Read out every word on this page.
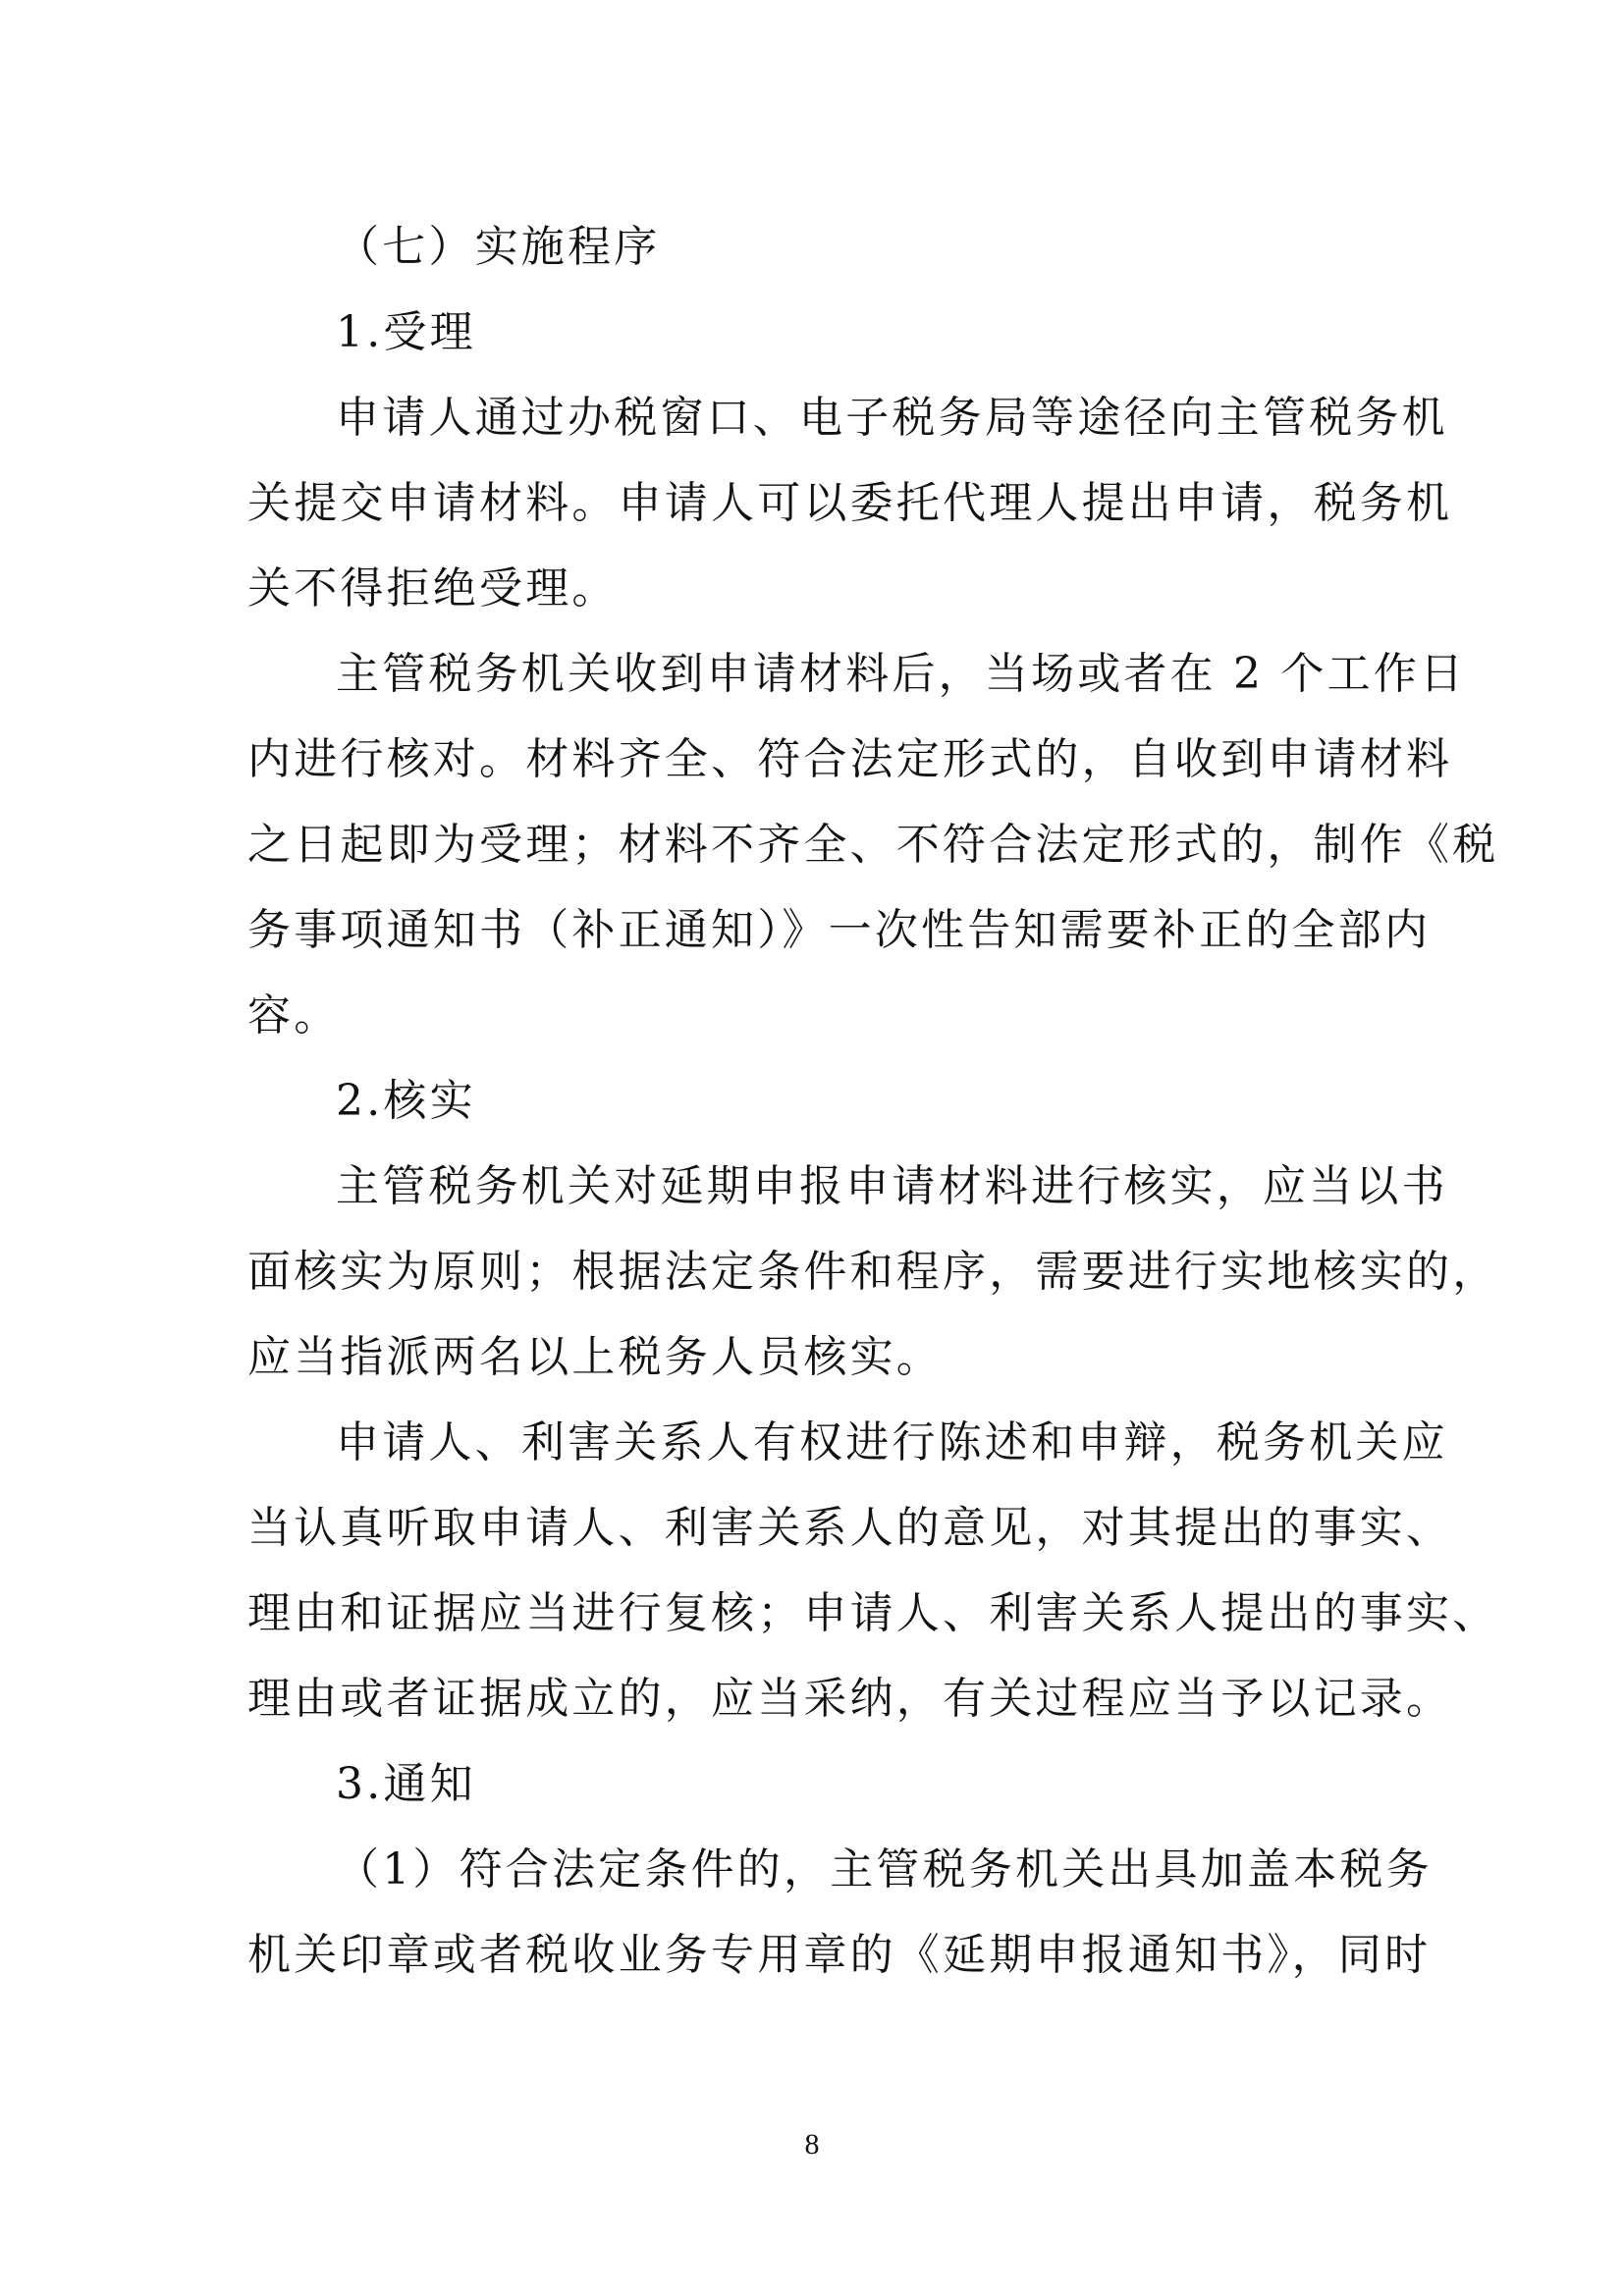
（七）实施程序
1.受理
申请人通过办税窗口、电子税务局等途径向主管税务机
关提交申请材料。申请人可以委托代理人提出申请，税务机
关不得拒绝受理。
主管税务机关收到申请材料后，当场或者在 2 个工作日
内进行核对。材料齐全、符合法定形式的，自收到申请材料
之日起即为受理；材料不齐全、不符合法定形式的，制作《税
务事项通知书（补正通知）》一次性告知需要补正的全部内
容。
2.核实
主管税务机关对延期申报申请材料进行核实，应当以书
面核实为原则；根据法定条件和程序，需要进行实地核实的，
应当指派两名以上税务人员核实。
申请人、利害关系人有权进行陈述和申辩，税务机关应
当认真听取申请人、利害关系人的意见，对其提出的事实、
理由和证据应当进行复核；申请人、利害关系人提出的事实、
理由或者证据成立的，应当采纳，有关过程应当予以记录。
3.通知
（1）符合法定条件的，主管税务机关出具加盖本税务
机关印章或者税收业务专用章的《延期申报通知书》，同时
8
